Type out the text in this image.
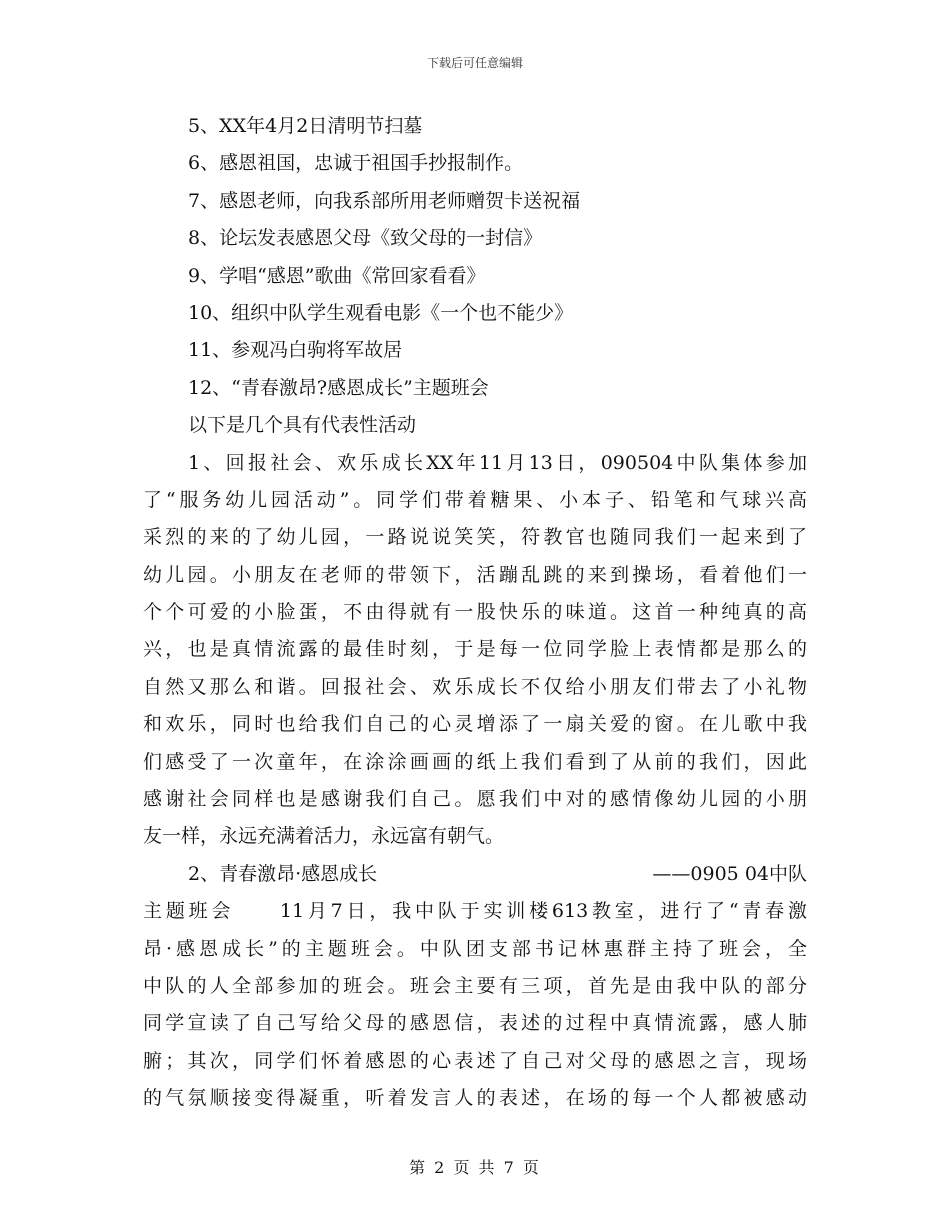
下载后可任意编辑
5、XX年4月2日清明节扫墓
6、感恩祖国，忠诚于祖国手抄报制作。
7、感恩老师，向我系部所用老师赠贺卡送祝福
8、论坛发表感恩父母《致父母的一封信》
9、学唱“感恩”歌曲《常回家看看》
10、组织中队学生观看电影《一个也不能少》
11、参观冯白驹将军故居
12、“青春激昂?感恩成长”主题班会
以下是几个具有代表性活动
1、回报社会、欢乐成长XX年11月13日，090504中队集体参加
了“服务幼儿园活动”。同学们带着糖果、小本子、铅笔和气球兴高
采烈的来的了幼儿园，一路说说笑笑，符教官也随同我们一起来到了
幼儿园。小朋友在老师的带领下，活蹦乱跳的来到操场，看着他们一
个个可爱的小脸蛋，不由得就有一股快乐的味道。这首一种纯真的高
兴，也是真情流露的最佳时刻，于是每一位同学脸上表情都是那么的
自然又那么和谐。回报社会、欢乐成长不仅给小朋友们带去了小礼物
和欢乐，同时也给我们自己的心灵增添了一扇关爱的窗。在儿歌中我
们感受了一次童年，在涂涂画画的纸上我们看到了从前的我们，因此
感谢社会同样也是感谢我们自己。愿我们中对的感情像幼儿园的小朋
友一样，永远充满着活力，永远富有朝气。
2、青春激昂·感恩成长	——0905 04中队
主题班会　　11月7日，我中队于实训楼613教室，进行了“青春激
昂·感恩成长”的主题班会。中队团支部书记林惠群主持了班会，全
中队的人全部参加的班会。班会主要有三项，首先是由我中队的部分
同学宣读了自己写给父母的感恩信，表述的过程中真情流露，感人肺
腑；其次，同学们怀着感恩的心表述了自己对父母的感恩之言，现场
的气氛顺接变得凝重，听着发言人的表述，在场的每一个人都被感动
第 2 页 共 7 页
